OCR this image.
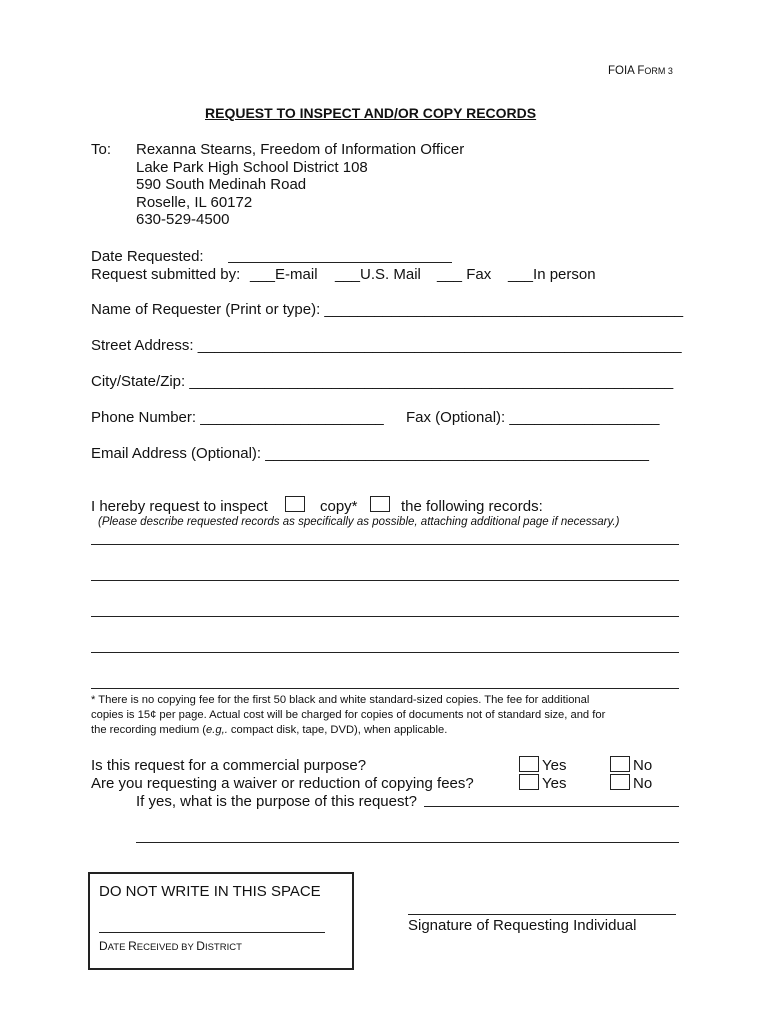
FOIA FORM 3
REQUEST TO INSPECT AND/OR COPY RECORDS
To: Rexanna Stearns, Freedom of Information Officer
Lake Park High School District 108
590 South Medinah Road
Roselle, IL 60172
630-529-4500
Date Requested:
Request submitted by: ___E-mail ___U.S. Mail ___ Fax ___In person
Name of Requester (Print or type): ___________________________________________
Street Address: __________________________________________________________
City/State/Zip: __________________________________________________________
Phone Number: ______________________ Fax (Optional): __________________
Email Address (Optional): ______________________________________________
I hereby request to inspect	copy*	the following records:
(Please describe requested records as specifically as possible, attaching additional page if necessary.)
* There is no copying fee for the first 50 black and white standard-sized copies. The fee for additional
copies is 15¢ per page. Actual cost will be charged for copies of documents not of standard size, and for
the recording medium (e.g,. compact disk, tape, DVD), when applicable.
Is this request for a commercial purpose?	Yes	No
Are you requesting a waiver or reduction of copying fees?	Yes	No
If yes, what is the purpose of this request?
DO NOT WRITE IN THIS SPACE
DATE RECEIVED BY DISTRICT
Signature of Requesting Individual
